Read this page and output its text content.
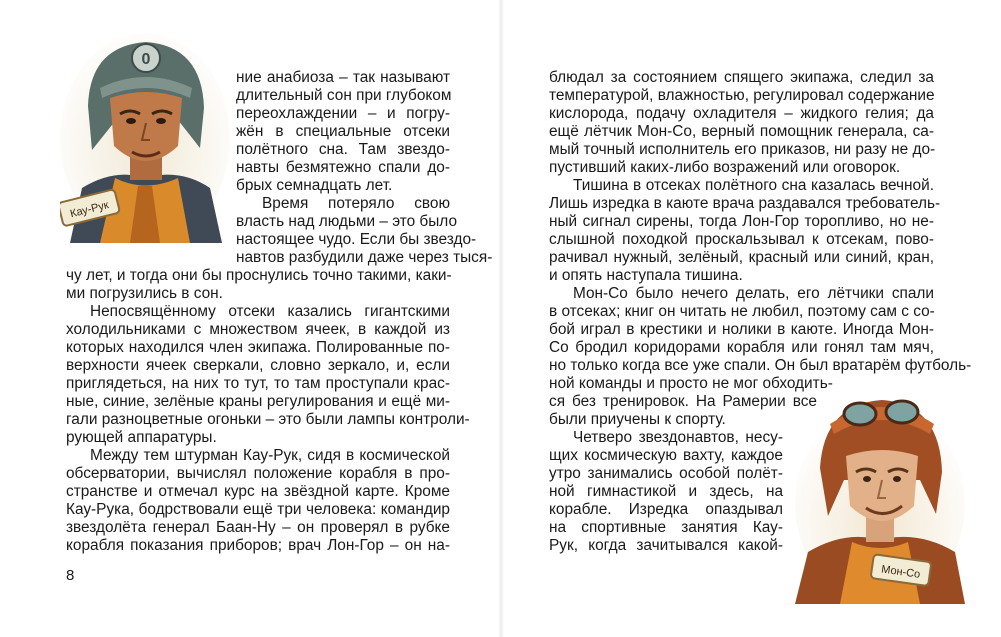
0
Кау-Рук
Мон-Со

ние анабиоза – так называют

длительный сон при глубоком

переохлаждении – и погру-

жён в специальные отсеки

полётного сна. Там звездо-

навты безмятежно спали до-

брых семнадцать лет.

Время потеряло свою

власть над людьми – это было

настоящее чудо. Если бы звездо-

навтов разбудили даже через тыся-

чу лет, и тогда они бы проснулись точно такими, каки-

ми погрузились в сон.

Непосвящённому отсеки казались гигантскими

холодильниками с множеством ячеек, в каждой из

которых находился член экипажа. Полированные по-

верхности ячеек сверкали, словно зеркало, и, если

приглядеться, на них то тут, то там проступали крас-

ные, синие, зелёные краны регулирования и ещё ми-

гали разноцветные огоньки – это были лампы контроли-

рующей аппаратуры.

Между тем штурман Кау-Рук, сидя в космической

обсерватории, вычислял положение корабля в про-

странстве и отмечал курс на звёздной карте. Кроме

Кау-Рука, бодрствовали ещё три человека: командир

звездолёта генерал Баан-Ну – он проверял в рубке

корабля показания приборов; врач Лон-Гор – он на-

8

блюдал за состоянием спящего экипажа, следил за

температурой, влажностью, регулировал содержание

кислорода, подачу охладителя – жидкого гелия; да

ещё лётчик Мон-Со, верный помощник генерала, са-

мый точный исполнитель его приказов, ни разу не до-

пустивший каких-либо возражений или оговорок.

Тишина в отсеках полётного сна казалась вечной.

Лишь изредка в каюте врача раздавался требователь-

ный сигнал сирены, тогда Лон-Гор торопливо, но не-

слышной походкой проскальзывал к отсекам, пово-

рачивал нужный, зелёный, красный или синий, кран,

и опять наступала тишина.

Мон-Со было нечего делать, его лётчики спали

в отсеках; книг он читать не любил, поэтому сам с со-

бой играл в крестики и нолики в каюте. Иногда Мон-

Со бродил коридорами корабля или гонял там мяч,

но только когда все уже спали. Он был вратарём футболь-

ной команды и просто не мог обходить-

ся без тренировок. На Рамерии все

были приучены к спорту.

Четверо звездонавтов, несу-

щих космическую вахту, каждое

утро занимались особой полёт-

ной гимнастикой и здесь, на

корабле. Изредка опаздывал

на спортивные занятия Кау-

Рук, когда зачитывался какой-
